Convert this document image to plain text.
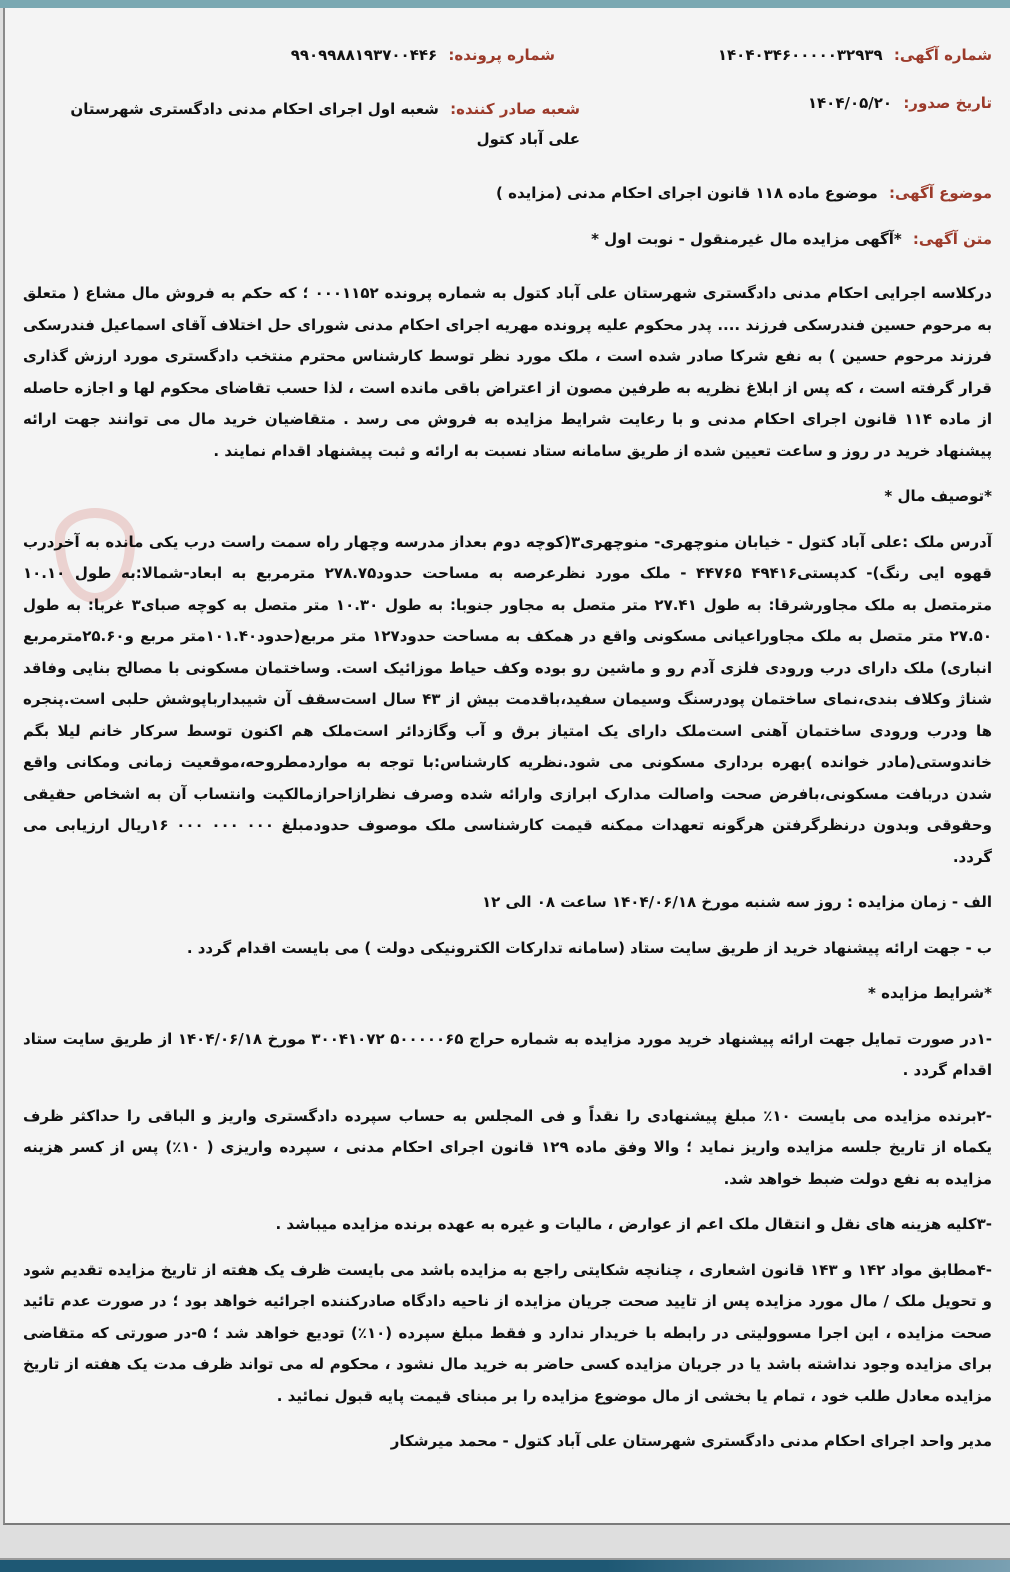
شماره آگهی: ۱۴۰۴۰۳۴۶۰۰۰۰۰۳۲۹۳۹
شماره پرونده: ۹۹۰۹۹۸۸۱۹۳۷۰۰۴۴۶
تاریخ صدور: ۱۴۰۴/۰۵/۲۰
شعبه صادر کننده: شعبه اول اجرای احکام مدنی دادگستری شهرستان علی آباد کتول
موضوع آگهی: موضوع ماده ۱۱۸ قانون اجرای احکام مدنی (مزایده )
متن آگهی: *آگهی مزایده مال غیرمنقول - نوبت اول *

درکلاسه اجرایی احکام مدنی دادگستری شهرستان علی آباد کتول به شماره پرونده ۰۰۰۱۱۵۲ ؛ که حکم به فروش مال مشاع ( متعلق به مرحوم حسین فندرسکی فرزند .... پدر محکوم علیه پرونده مهریه اجرای احکام مدنی شورای حل اختلاف آقای اسماعیل فندرسکی فرزند مرحوم حسین ) به نفع شرکا صادر شده است ، ملک مورد نظر توسط کارشناس محترم منتخب دادگستری مورد ارزش گذاری قرار گرفته است ، که پس از ابلاغ نظریه به طرفین مصون از اعتراض باقی مانده است ، لذا حسب تقاضای محکوم لها و اجازه حاصله از ماده ۱۱۴ قانون اجرای احکام مدنی و با رعایت شرایط مزایده به فروش می رسد . متقاضیان خرید مال می توانند جهت ارائه پیشنهاد خرید در روز و ساعت تعیین شده از طریق سامانه ستاد نسبت به ارائه و ثبت پیشنهاد اقدام نمایند .

*توصیف مال *

آدرس ملک :علی آباد کتول - خیابان منوچهری- منوچهری۳(کوچه دوم بعداز مدرسه وچهار راه سمت راست درب یکی مانده به آخردرب قهوه ایی رنگ)- کدپستی۴۹۴۱۶ ۴۴۷۶۵ - ملک مورد نظرعرصه به مساحت حدود۲۷۸.۷۵ مترمربع به ابعاد-شمالا:به طول ۱۰.۱۰ مترمتصل به ملک مجاورشرقا: به طول ۲۷.۴۱ متر متصل به مجاور جنوبا: به طول ۱۰.۳۰ متر متصل به کوچه صبای۳ غربا: به طول ۲۷.۵۰ متر متصل به ملک مجاوراعیانی مسکونی واقع در همکف به مساحت حدود۱۲۷ متر مربع(حدود۱۰۱.۴۰متر مربع و۲۵.۶۰مترمربع انباری) ملک دارای درب ورودی فلزی آدم رو و ماشین رو بوده وکف حیاط موزائیک است. وساختمان مسکونی با مصالح بنایی وفاقد شناژ وکلاف بندی،نمای ساختمان پودرسنگ وسیمان سفید،باقدمت بیش از ۴۳ سال است￼سقف آن شیبدارباپوشش حلبی است.پنجره ها ودرب ورودی ساختمان آهنی است￼ملک دارای یک امتیاز برق و آب وگازدائر است￼ملک هم اکنون توسط سرکار خانم لیلا بگم خاندوستی(مادر خوانده )بهره برداری مسکونی می شود.نظریه کارشناس:با توجه به مواردمطروحه،موقعیت زمانی ومکانی واقع شدن دربافت مسکونی،بافرض صحت واصالت مدارک ابرازی وارائه شده وصرف نظرازاحرازمالکیت وانتساب آن به اشخاص حقیقی وحقوقی وبدون درنظرگرفتن هرگونه تعهدات ممکنه قیمت کارشناسی ملک موصوف حدودمبلغ ۰۰۰ ۰۰۰ ۰۰۰ ۱۶ریال ارزیابی می گردد.

الف - زمان مزایده : روز سه شنبه مورخ ۱۴۰۴/۰۶/۱۸ ساعت ۰۸ الی ۱۲

ب - جهت ارائه پیشنهاد خرید از طریق سایت ستاد (سامانه تدارکات الکترونیکی دولت ) می بایست اقدام گردد .

*شرایط مزایده *

-۱در صورت تمایل جهت ارائه پیشنهاد خرید مورد مزایده به شماره حراج ۵۰۰۰۰۰۶۵ ۳۰۰۴۱۰۷۲ مورخ ۱۴۰۴/۰۶/۱۸ از طریق سایت ستاد اقدام گردد .

-۲برنده مزایده می بایست ۱۰٪ مبلغ پیشنهادی را نقداً و فی المجلس به حساب سپرده دادگستری واریز و الباقی را حداکثر ظرف یکماه از تاریخ جلسه مزایده واریز نماید ؛ والا وفق ماده ۱۲۹ قانون اجرای احکام مدنی ، سپرده واریزی ( ۱۰٪) پس از کسر هزینه مزایده به نفع دولت ضبط خواهد شد.

-۳کلیه هزینه های نقل و انتقال ملک اعم از عوارض ، مالیات و غیره به عهده برنده مزایده میباشد .

-۴مطابق مواد ۱۴۲ و ۱۴۳ قانون اشعاری ، چنانچه شکایتی راجع به مزایده باشد می بایست ظرف یک هفته از تاریخ مزایده تقدیم شود و تحویل ملک / مال مورد مزایده پس از تایید صحت جریان مزایده از ناحیه دادگاه صادرکننده اجرائیه خواهد بود ؛ در صورت عدم تائید صحت مزایده ، این اجرا مسوولیتی در رابطه با خریدار ندارد و فقط مبلغ سپرده (۱۰٪) تودیع خواهد شد ؛ ۵-در صورتی که متقاضی برای مزایده وجود نداشته باشد یا در جریان مزایده کسی حاضر به خرید مال نشود ، محکوم له می تواند ظرف مدت یک هفته از تاریخ مزایده معادل طلب خود ، تمام یا بخشی از مال موضوع مزایده را بر مبنای قیمت پایه قبول نمائید .

مدیر واحد اجرای احکام مدنی دادگستری شهرستان علی آباد کتول - محمد میرشکار
